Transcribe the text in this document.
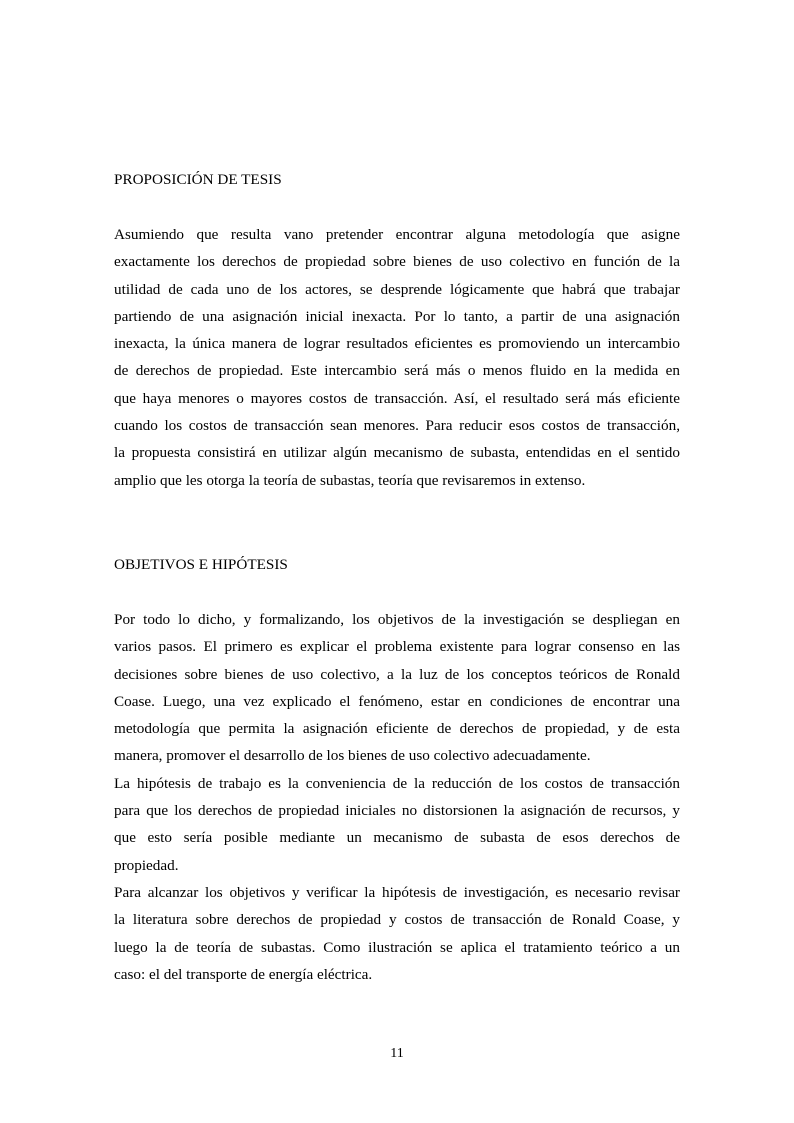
PROPOSICIÓN DE TESIS
Asumiendo que resulta vano pretender encontrar alguna metodología que asigne
exactamente los derechos de propiedad sobre bienes de uso colectivo en función de la
utilidad de cada uno de los actores, se desprende lógicamente que habrá que trabajar
partiendo de una asignación inicial inexacta. Por lo tanto, a partir de una asignación
inexacta, la única manera de lograr resultados eficientes es promoviendo un intercambio
de derechos de propiedad. Este intercambio será más o menos fluido en la medida en
que haya menores o mayores costos de transacción. Así, el resultado será más eficiente
cuando los costos de transacción sean menores. Para reducir esos costos de transacción,
la propuesta consistirá en utilizar algún mecanismo de subasta, entendidas en el sentido
amplio que les otorga la teoría de subastas, teoría que revisaremos in extenso.
OBJETIVOS E HIPÓTESIS
Por todo lo dicho, y formalizando, los objetivos de la investigación se despliegan en
varios pasos. El primero es explicar el problema existente para lograr consenso en las
decisiones sobre bienes de uso colectivo, a la luz de los conceptos teóricos de Ronald
Coase. Luego, una vez explicado el fenómeno, estar en condiciones de encontrar una
metodología que permita la asignación eficiente de derechos de propiedad, y de esta
manera, promover el desarrollo de los bienes de uso colectivo adecuadamente.
La hipótesis de trabajo es la conveniencia de la reducción de los costos de transacción
para que los derechos de propiedad iniciales no distorsionen la asignación de recursos, y
que esto sería posible mediante un mecanismo de subasta de esos derechos de
propiedad.
Para alcanzar los objetivos y verificar la hipótesis de investigación, es necesario revisar
la literatura sobre derechos de propiedad y costos de transacción de Ronald Coase, y
luego la de teoría de subastas. Como ilustración se aplica el tratamiento teórico a un
caso: el del transporte de energía eléctrica.
11
